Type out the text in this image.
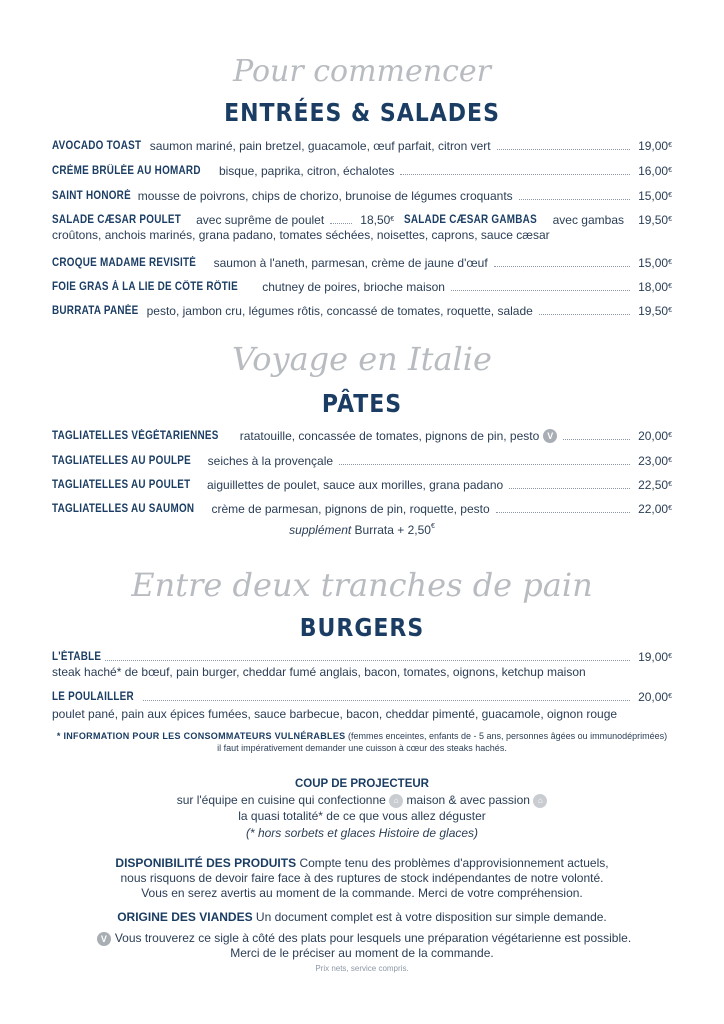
Pour commencer
ENTRÉES & SALADES
AVOCADO TOAST saumon mariné, pain bretzel, guacamole, œuf parfait, citron vert	19,00€
CRÈME BRÛLÉE AU HOMARD bisque, paprika, citron, échalotes	16,00€
SAINT HONORÉ mousse de poivrons, chips de chorizo, brunoise de légumes croquants	15,00€
SALADE CÆSAR POULET avec suprême de poulet	18,50€ SALADE CÆSAR GAMBAS avec gambas 19,50€
croûtons, anchois marinés, grana padano, tomates séchées, noisettes, caprons, sauce cæsar
CROQUE MADAME REVISITÉ saumon à l'aneth, parmesan, crème de jaune d'œuf	15,00€
FOIE GRAS À LA LIE DE CÔTE RÔTIE chutney de poires, brioche maison	18,00€
BURRATA PANÉE pesto, jambon cru, légumes rôtis, concassé de tomates, roquette, salade	19,50€
Voyage en Italie
PÂTES
TAGLIATELLES VÉGÉTARIENNES ratatouille, concassée de tomates, pignons de pin, pesto V	20,00€
TAGLIATELLES AU POULPE seiches à la provençale	23,00€
TAGLIATELLES AU POULET aiguillettes de poulet, sauce aux morilles, grana padano	22,50€
TAGLIATELLES AU SAUMON crème de parmesan, pignons de pin, roquette, pesto	22,00€
supplément Burrata + 2,50€
Entre deux tranches de pain
BURGERS
L'ÉTABLE	19,00€
steak haché* de bœuf, pain burger, cheddar fumé anglais, bacon, tomates, oignons, ketchup maison
LE POULAILLER	20,00€
poulet pané, pain aux épices fumées, sauce barbecue, bacon, cheddar pimenté, guacamole, oignon rouge
* INFORMATION POUR LES CONSOMMATEURS VULNÉRABLES (femmes enceintes, enfants de - 5 ans, personnes âgées ou immunodéprimées)
il faut impérativement demander une cuisson à cœur des steaks hachés.
COUP DE PROJECTEUR
sur l'équipe en cuisine qui confectionne ⌂ maison & avec passion ⌂
la quasi totalité* de ce que vous allez déguster
(* hors sorbets et glaces Histoire de glaces)
DISPONIBILITÉ DES PRODUITS Compte tenu des problèmes d'approvisionnement actuels,
nous risquons de devoir faire face à des ruptures de stock indépendantes de notre volonté.
Vous en serez avertis au moment de la commande. Merci de votre compréhension.
ORIGINE DES VIANDES Un document complet est à votre disposition sur simple demande.
V Vous trouverez ce sigle à côté des plats pour lesquels une préparation végétarienne est possible.
Merci de le préciser au moment de la commande.
Prix nets, service compris.
